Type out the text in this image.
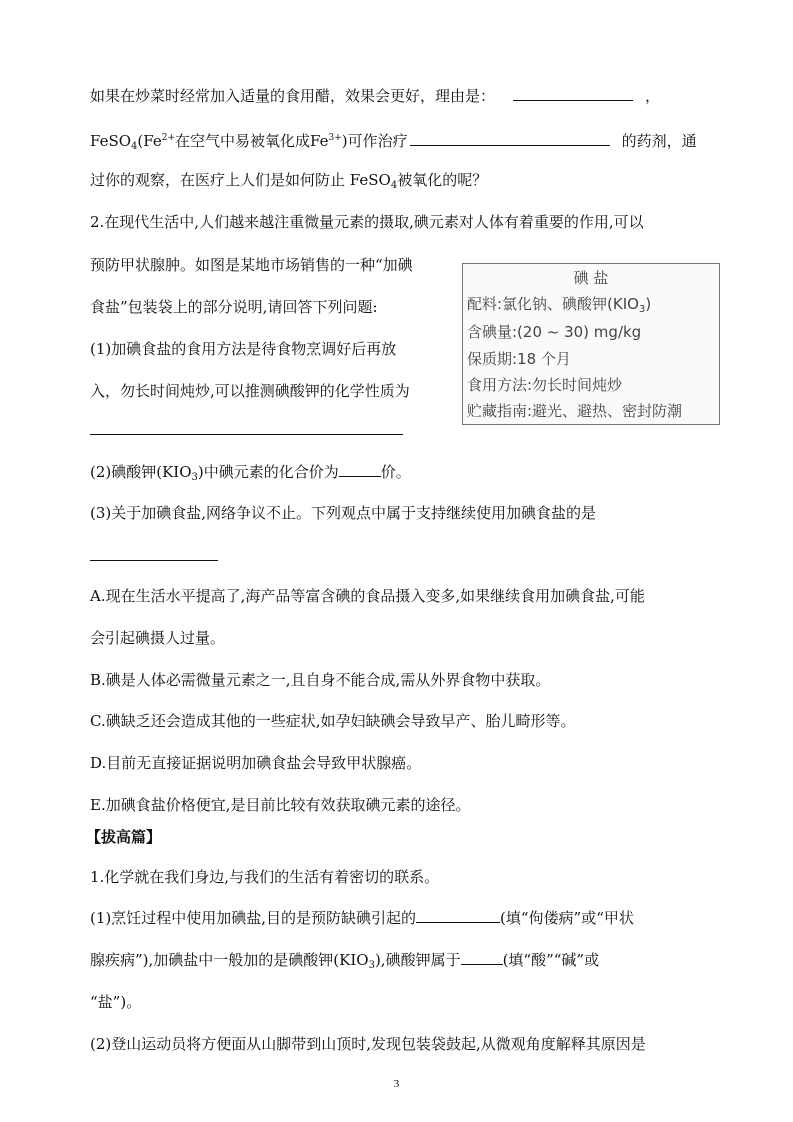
如果在炒菜时经常加入适量的食用醋，效果会更好，理由是：	，
$FeSO_4(Fe^{2+}$在空气中易被氧化成$Fe^{3+}$)可作治疗	的药剂，通
过你的观察，在医疗上人们是如何防止 FeSO$_4$被氧化的呢？
2.在现代生活中,人们越来越注重微量元素的摄取,碘元素对人体有着重要的作用,可以
预防甲状腺肿。如图是某地市场销售的一种“加碘
食盐”包装袋上的部分说明,请回答下列问题:
(1)加碘食盐的食用方法是待食物烹调好后再放
入，勿长时间炖炒,可以推测碘酸钾的化学性质为
碘 盐
配料:氯化钠、碘酸钾$(KIO_3)$
含碘量:(20 ~ 30) mg/kg
保质期:18 个月
食用方法:勿长时间炖炒
贮藏指南:避光、避热、密封防潮
(2)碘酸钾$(KIO_3)$中碘元素的化合价为	价。
(3)关于加碘食盐,网络争议不止。下列观点中属于支持继续使用加碘食盐的是
A.现在生活水平提高了,海产品等富含碘的食品摄入变多,如果继续食用加碘食盐,可能
会引起碘摄人过量。
B.碘是人体必需微量元素之一,且自身不能合成,需从外界食物中获取。
C.碘缺乏还会造成其他的一些症状,如孕妇缺碘会导致早产、胎儿畸形等。
D.目前无直接证据说明加碘食盐会导致甲状腺癌。
E.加碘食盐价格便宜,是目前比较有效获取碘元素的途径。
【拔高篇】
1.化学就在我们身边,与我们的生活有着密切的联系。
(1)烹饪过程中使用加碘盐,目的是预防缺碘引起的	(填“佝偻病”或“甲状
腺疾病”),加碘盐中一般加的是碘酸钾$(KIO_3)$,碘酸钾属于	(填“酸”“碱”或
“盐”)。
(2)登山运动员将方便面从山脚带到山顶时,发现包装袋鼓起,从微观角度解释其原因是
3
